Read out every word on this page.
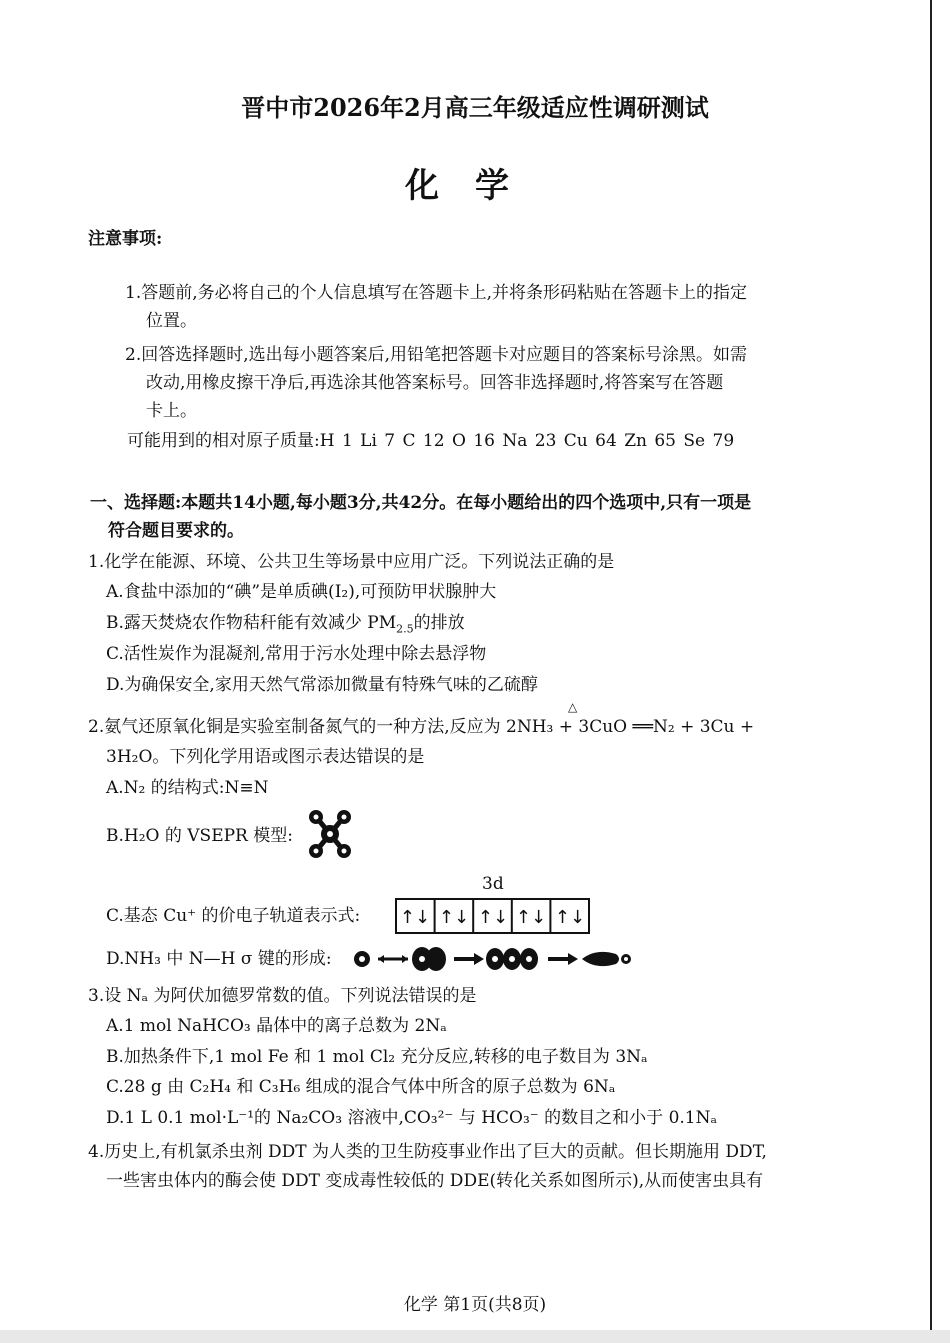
晋中市2026年2月高三年级适应性调研测试
化学
注意事项:
1.答题前,务必将自己的个人信息填写在答题卡上,并将条形码粘贴在答题卡上的指定
位置。
2.回答选择题时,选出每小题答案后,用铅笔把答题卡对应题目的答案标号涂黑。如需
改动,用橡皮擦干净后,再选涂其他答案标号。回答非选择题时,将答案写在答题
卡上。
可能用到的相对原子质量:H 1 Li 7 C 12 O 16 Na 23 Cu 64 Zn 65 Se 79
一、选择题:本题共14小题,每小题3分,共42分。在每小题给出的四个选项中,只有一项是
符合题目要求的。
1.化学在能源、环境、公共卫生等场景中应用广泛。下列说法正确的是
A.食盐中添加的“碘”是单质碘(I₂),可预防甲状腺肿大
B.露天焚烧农作物秸秆能有效减少 $PM_{2.5}$的排放
C.活性炭作为混凝剂,常用于污水处理中除去悬浮物
D.为确保安全,家用天然气常添加微量有特殊气味的乙硫醇
2.氨气还原氧化铜是实验室制备氮气的一种方法,反应为 2NH₃ + 3CuO ══N₂ + 3Cu +
△
3H₂O。下列化学用语或图示表达错误的是
A.N₂ 的结构式:N≡N
B.H₂O 的 VSEPR 模型:
3d
C.基态 Cu⁺ 的价电子轨道表示式: ↑↓ ↑↓ ↑↓ ↑↓ ↑↓
D.NH₃ 中 N—H σ 键的形成:
3.设 Nₐ 为阿伏加德罗常数的值。下列说法错误的是
A.1 mol NaHCO₃ 晶体中的离子总数为 2Nₐ
B.加热条件下,1 mol Fe 和 1 mol Cl₂ 充分反应,转移的电子数目为 3Nₐ
C.28 g 由 C₂H₄ 和 C₃H₆ 组成的混合气体中所含的原子总数为 6Nₐ
D.1 L 0.1 mol·L⁻¹的 Na₂CO₃ 溶液中,CO₃²⁻ 与 HCO₃⁻ 的数目之和小于 0.1Nₐ
4.历史上,有机氯杀虫剂 DDT 为人类的卫生防疫事业作出了巨大的贡献。但长期施用 DDT,
一些害虫体内的酶会使 DDT 变成毒性较低的 DDE(转化关系如图所示),从而使害虫具有
化学 第1页(共8页)
